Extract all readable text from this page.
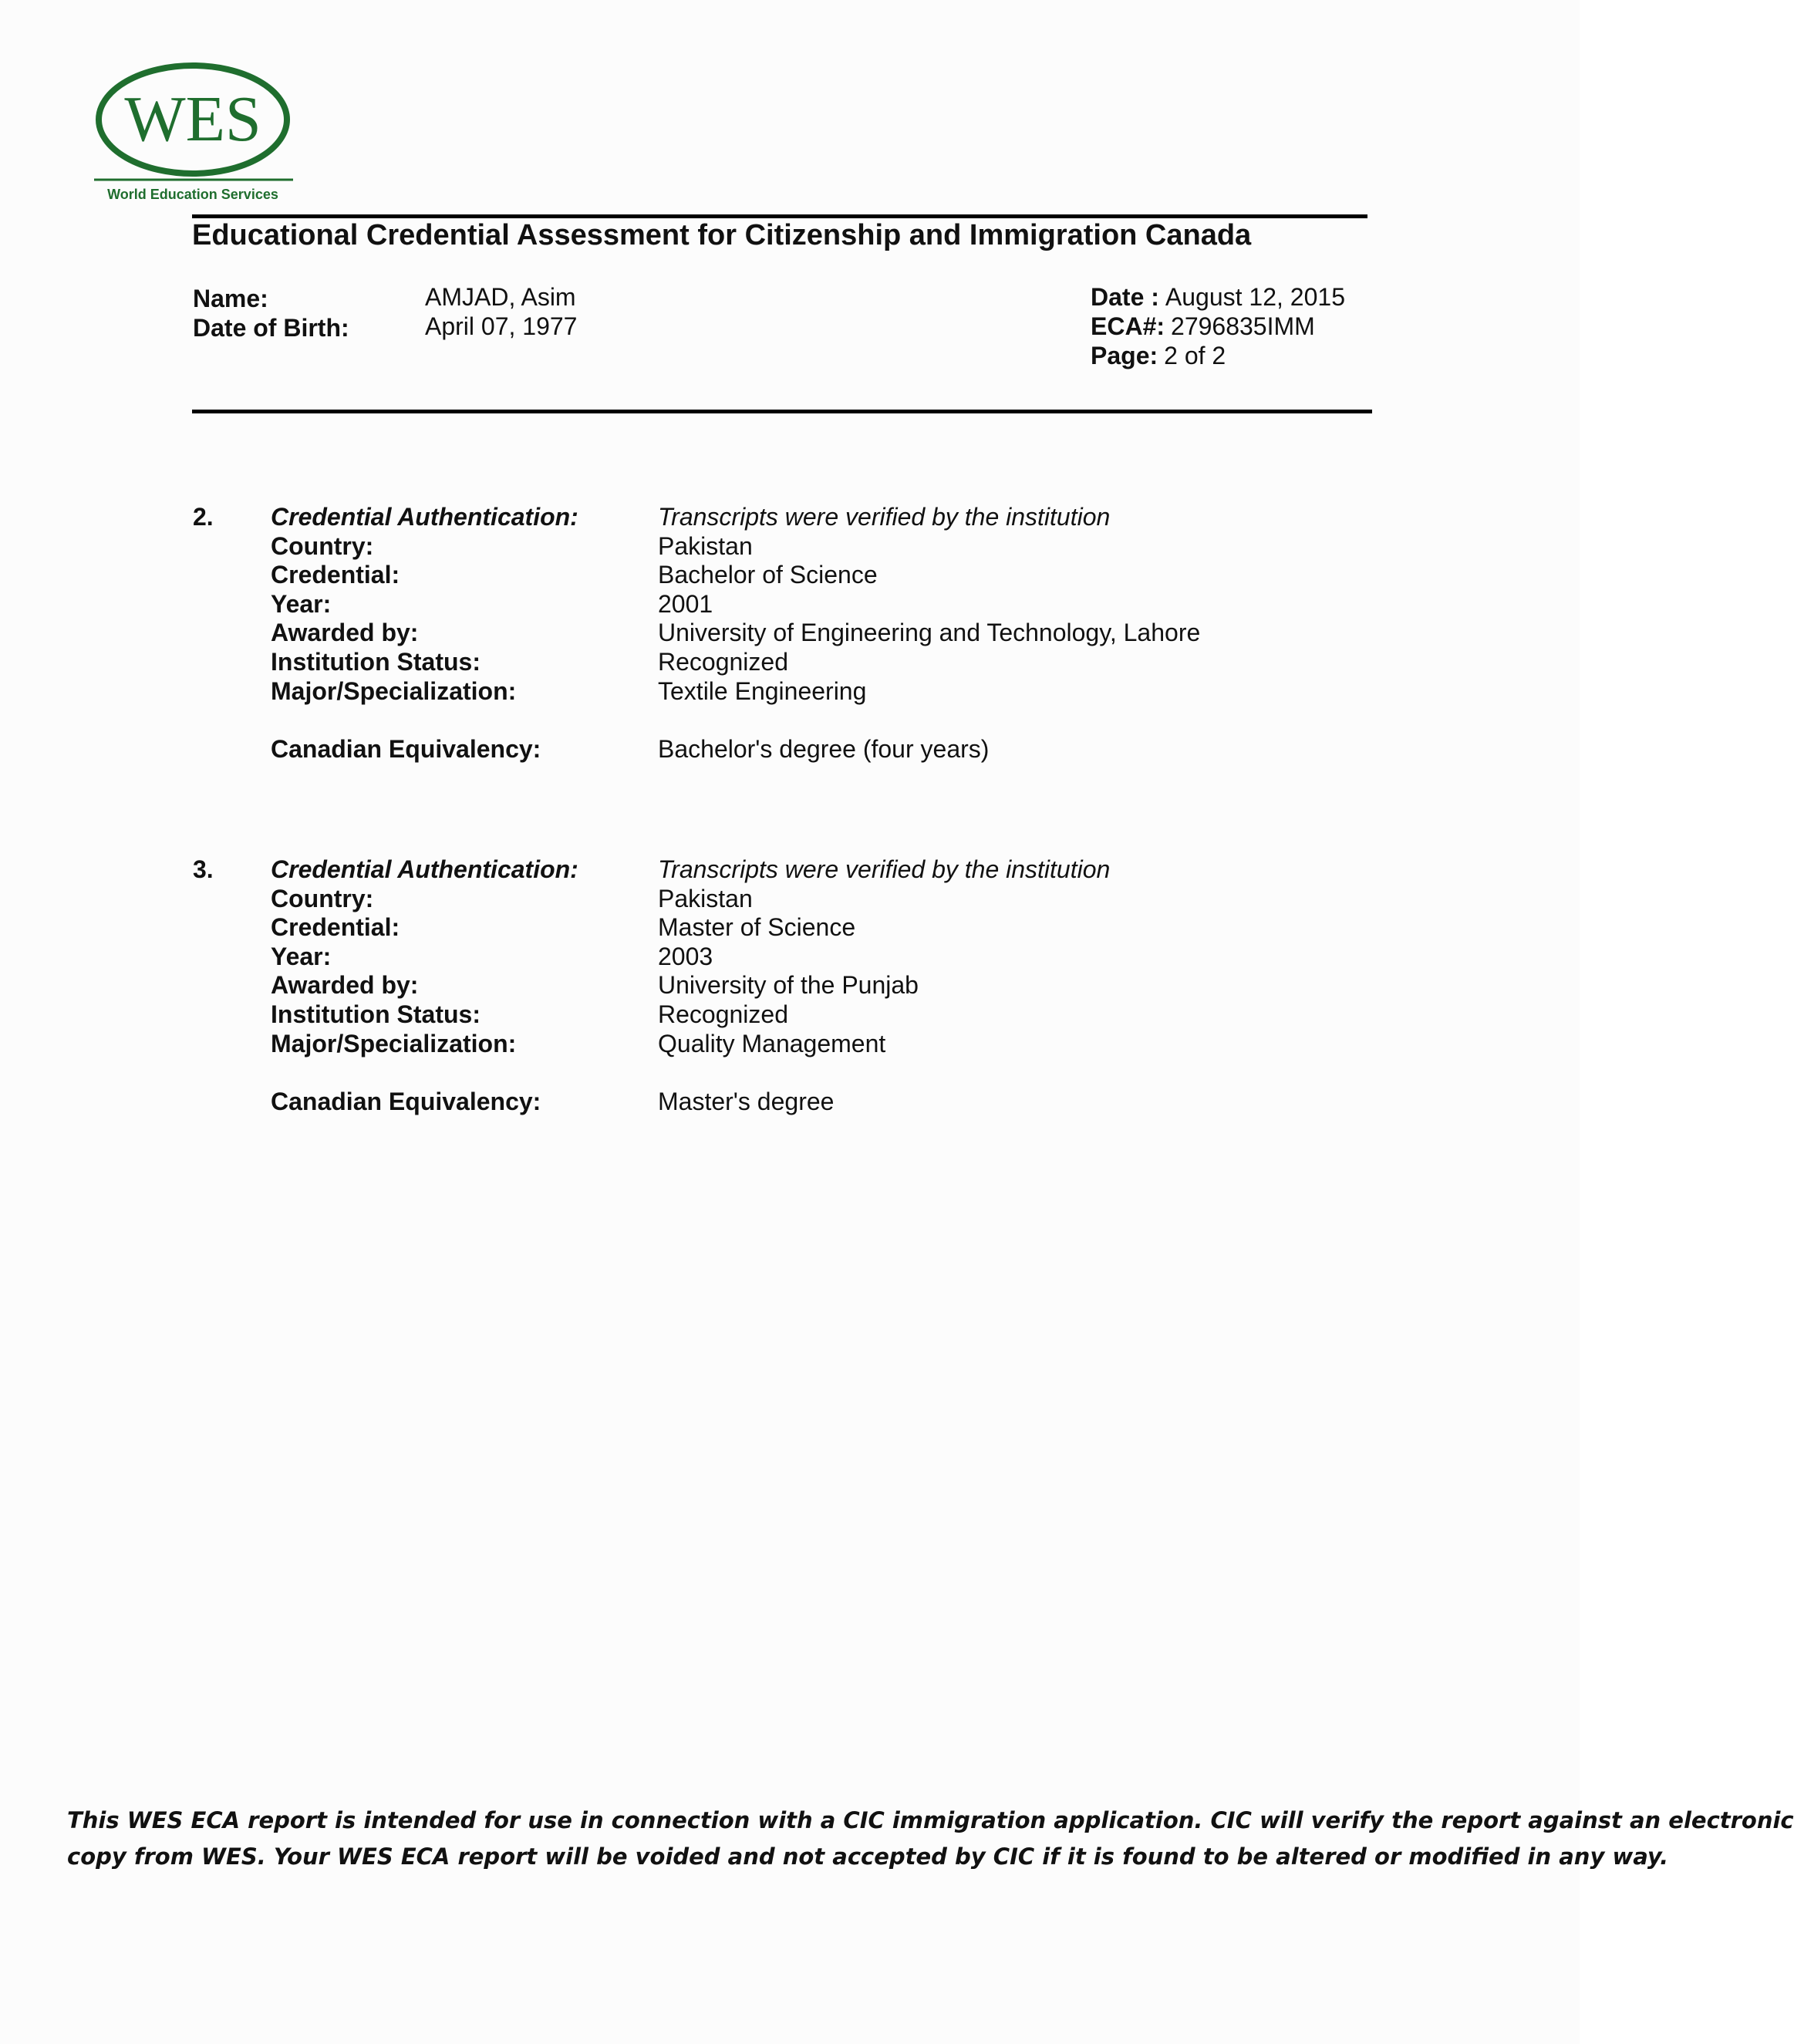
WES
World Education Services
Educational Credential Assessment for Citizenship and Immigration Canada
Name:
Date of Birth:
AMJAD, Asim
April 07, 1977
Date : August 12, 2015
ECA#: 2796835IMM
Page: 2 of 2
2. Credential Authentication:
Country:
Credential:
Year:
Awarded by:
Institution Status:
Major/Specialization:
Canadian Equivalency:
Transcripts were verified by the institution
Pakistan
Bachelor of Science
2001
University of Engineering and Technology, Lahore
Recognized
Textile Engineering
Bachelor's degree (four years)
3. Credential Authentication:
Country:
Credential:
Year:
Awarded by:
Institution Status:
Major/Specialization:
Canadian Equivalency:
Transcripts were verified by the institution
Pakistan
Master of Science
2003
University of the Punjab
Recognized
Quality Management
Master's degree
This WES ECA report is intended for use in connection with a CIC immigration application. CIC will verify the report against an electronic
copy from WES. Your WES ECA report will be voided and not accepted by CIC if it is found to be altered or modified in any way.
